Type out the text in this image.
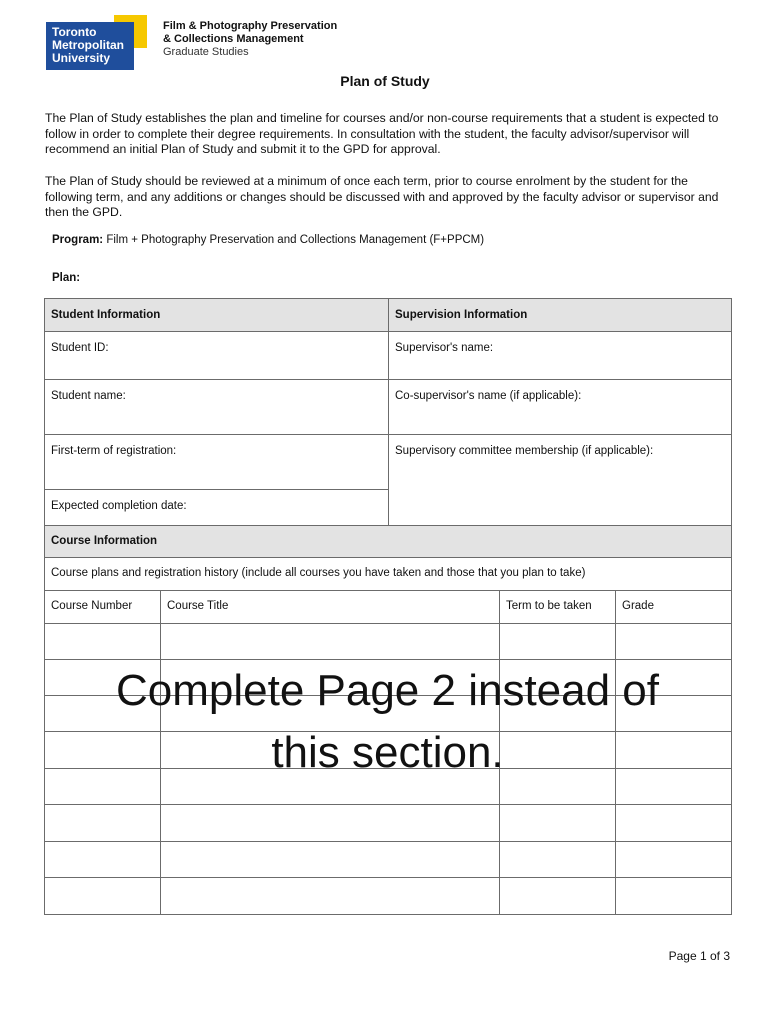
Toronto
Metropolitan
University
Film & Photography Preservation
& Collections Management
Graduate Studies
Plan of Study
The Plan of Study establishes the plan and timeline for courses and/or non-course requirements that a student is expected to follow in order to complete their degree requirements. In consultation with the student, the faculty advisor/supervisor will recommend an initial Plan of Study and submit it to the GPD for approval.
The Plan of Study should be reviewed at a minimum of once each term, prior to course enrolment by the student for the following term, and any additions or changes should be discussed with and approved by the faculty advisor or supervisor and then the GPD.
Program: Film + Photography Preservation and Collections Management (F+PPCM)
Plan:
Student Information	Supervision Information
Student ID:	Supervisor's name:
Student name:	Co-supervisor's name (if applicable):
First-term of registration:	Supervisory committee membership (if applicable):
Expected completion date:
Course Information
Course plans and registration history (include all courses you have taken and those that you plan to take)
Course Number	Course Title	Term to be taken	Grade
Complete Page 2 instead of
this section.
Page 1 of 3
